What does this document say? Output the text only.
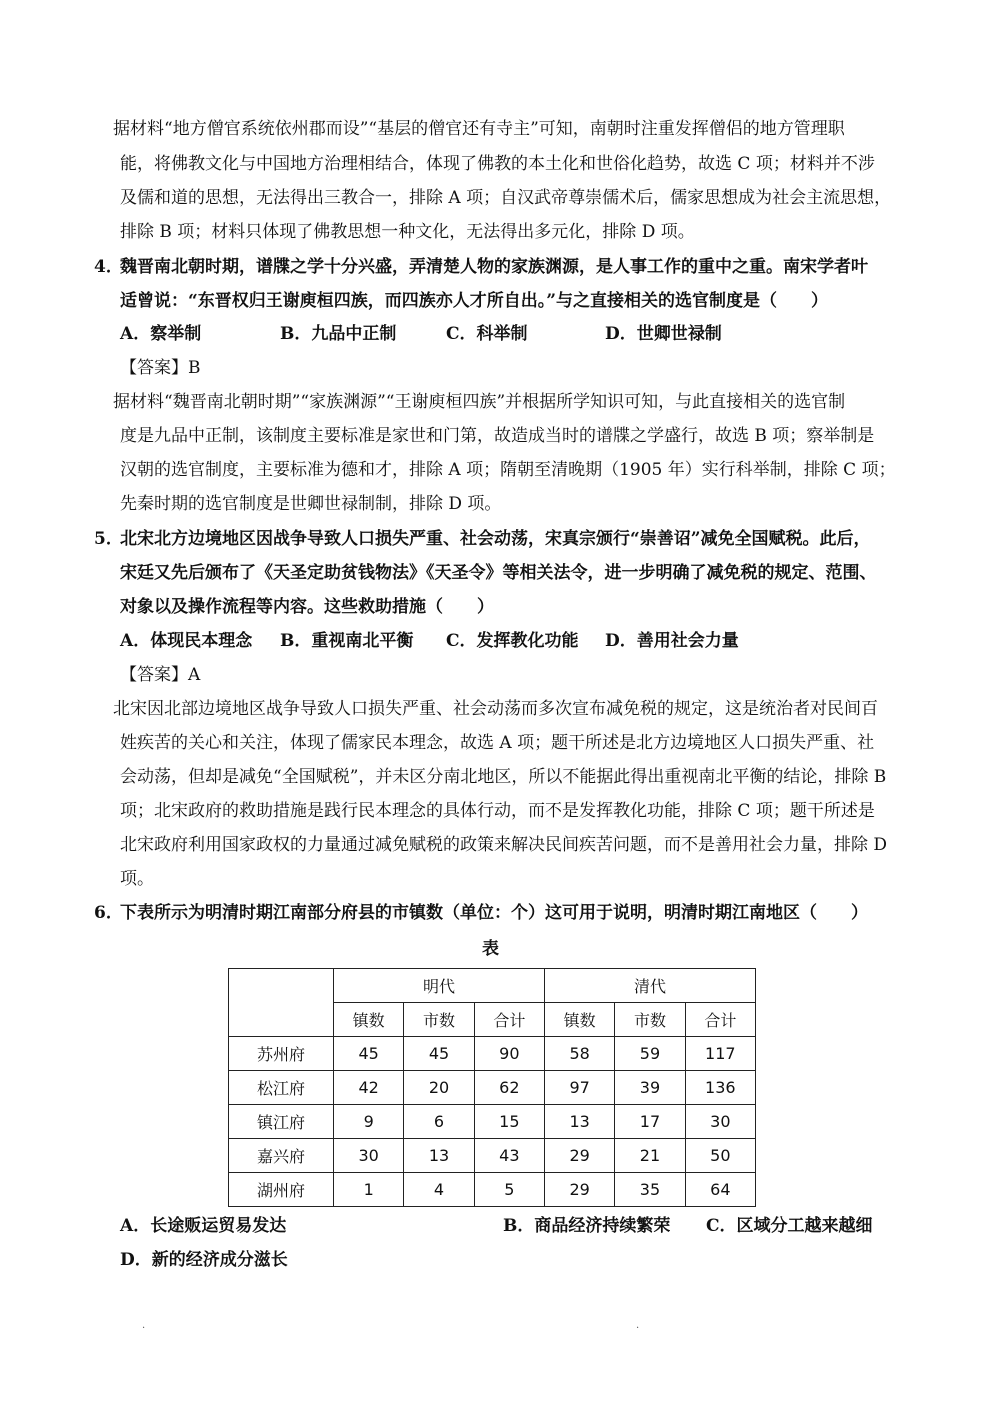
据材料“地方僧官系统依州郡而设”“基层的僧官还有寺主”可知，南朝时注重发挥僧侣的地方管理职
能，将佛教文化与中国地方治理相结合，体现了佛教的本土化和世俗化趋势，故选 C 项；材料并不涉
及儒和道的思想，无法得出三教合一，排除 A 项；自汉武帝尊崇儒术后，儒家思想成为社会主流思想，
排除 B 项；材料只体现了佛教思想一种文化，无法得出多元化，排除 D 项。
4．
魏晋南北朝时期，谱牒之学十分兴盛，弄清楚人物的家族渊源，是人事工作的重中之重。南宋学者叶
适曾说：“东晋权归王谢庾桓四族，而四族亦人才所自出。”与之直接相关的选官制度是（　　）
A．察举制	B．九品中正制	C．科举制	D．世卿世禄制
【答案】B
据材料“魏晋南北朝时期”“家族渊源”“王谢庾桓四族”并根据所学知识可知，与此直接相关的选官制
度是九品中正制，该制度主要标准是家世和门第，故造成当时的谱牒之学盛行，故选 B 项；察举制是
汉朝的选官制度，主要标准为德和才，排除 A 项；隋朝至清晚期（1905 年）实行科举制，排除 C 项；
先秦时期的选官制度是世卿世禄制制，排除 D 项。
5．
北宋北方边境地区因战争导致人口损失严重、社会动荡，宋真宗颁行“崇善诏”减免全国赋税。此后，
宋廷又先后颁布了《天圣定助贫钱物法》《天圣令》等相关法令，进一步明确了减免税的规定、范围、
对象以及操作流程等内容。这些救助措施（　　）
A．体现民本理念 B．重视南北平衡 C．发挥教化功能 D．善用社会力量
【答案】A
北宋因北部边境地区战争导致人口损失严重、社会动荡而多次宣布减免税的规定，这是统治者对民间百
姓疾苦的关心和关注，体现了儒家民本理念，故选 A 项；题干所述是北方边境地区人口损失严重、社
会动荡，但却是减免“全国赋税”，并未区分南北地区，所以不能据此得出重视南北平衡的结论，排除 B
项；北宋政府的救助措施是践行民本理念的具体行动，而不是发挥教化功能，排除 C 项；题干所述是
北宋政府利用国家政权的力量通过减免赋税的政策来解决民间疾苦问题，而不是善用社会力量，排除 D
项。
6．
下表所示为明清时期江南部分府县的市镇数（单位：个）这可用于说明，明清时期江南地区（　　）
表
	明代			清代		
	镇数	市数	合计	镇数	市数	合计
苏州府	45	45	90	58	59	117
松江府	42	20	62	97	39	136
镇江府	9	6	15	13	17	30
嘉兴府	30	13	43	29	21	50
湖州府	1	4	5	29	35	64
A．长途贩运贸易发达	B．商品经济持续繁荣 C．区域分工越来越细
D．新的经济成分滋长
.	.
